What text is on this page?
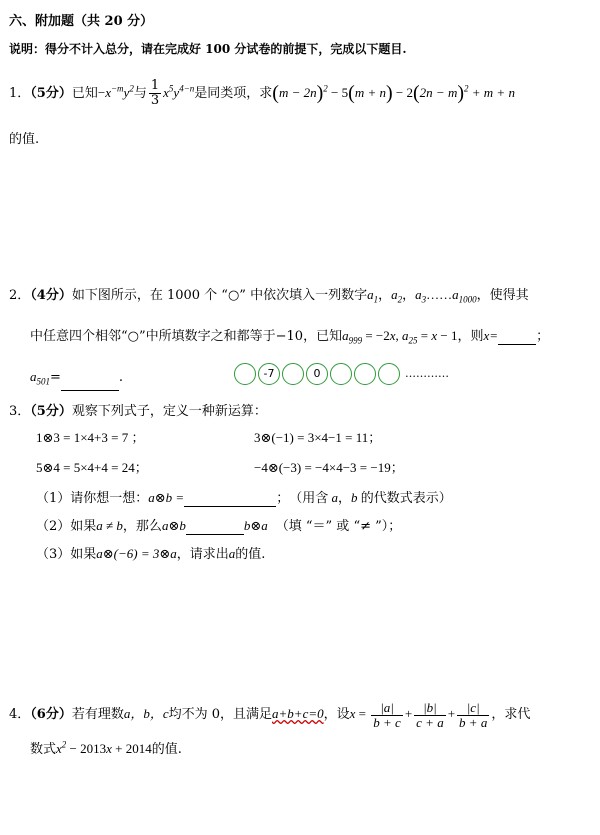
六、附加题（共 20 分）
说明：得分不计入总分，请在完成好 100 分试卷的前提下，完成以下题目.
1．（5分）已知$-x^{-m}y^2$与 $\frac{1}{3} x^5y^{4-n}$是同类项，求$(m - 2n)^2 - 5(m + n) - 2(2n - m)^2 + m + n$
的值.
2．（4分）如下图所示，在 1000 个 “○” 中依次填入一列数字$a_1$，$a_2$，$a_3\dots\dots a_{1000}$，使得其
中任意四个相邻“○”中所填数字之和都等于−10，已知$a_{999} = -2x$, $a_{25} = x - 1$，则x=	；
$a_{501}=$	.	-7	0	…………
3．（5分）观察下列式子，定义一种新运算：
1⊗3 = 1×4+3 = 7 ；	3⊗(−1) = 3×4−1 = 11；
5⊗4 = 5×4+4 = 24；	−4⊗(−3) = −4×4−3 = −19；
（1）请你想一想：a⊗b =	；　（用含 a，b 的代数式表示）
（2）如果a ≠ b，那么a⊗b	b⊗a （填 “＝” 或 “≠ ”）；
（3）如果a⊗(−6) = 3⊗a，请求出a的值.
4．（6分）若有理数a，b，c均不为 0，且满足a+b+c=0，设$x = \frac{|a|}{b + c} + \frac{|b|}{c + a} + \frac{|c|}{b + a}$ ，求代
数式$x^2 - 2013x + 2014$的值.
